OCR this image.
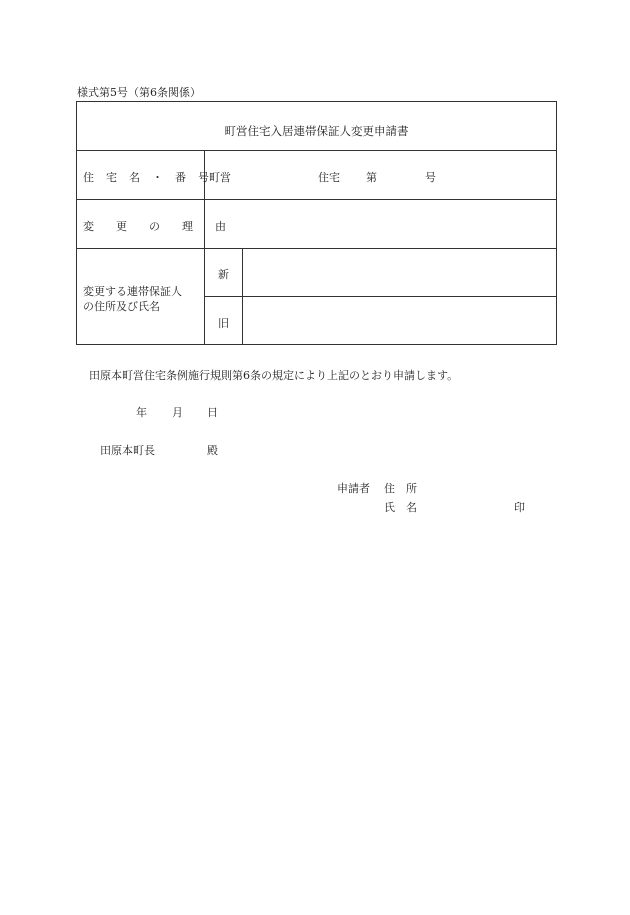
様式第5号（第6条関係）
町営住宅入居連帯保証人変更申請書
住　宅　名　・　番　号 町営	住宅 第	号
変　　更　　の　　理　　由
変更する連帯保証人
の住所及び氏名
新
旧
田原本町営住宅条例施行規則第6条の規定により上記のとおり申請します。
年 月 日
田原本町長	殿
申請者 住　所
氏　名	印
